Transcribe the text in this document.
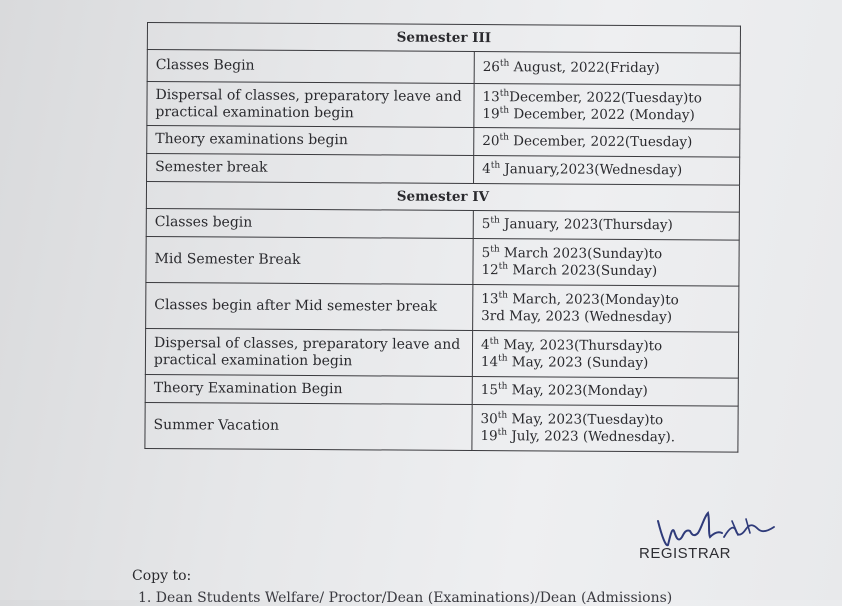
Semester III	
Classes Begin	26th August, 2022(Friday)
Dispersal of classes, preparatory leave and practical examination begin	13thDecember, 2022(Tuesday)to
19th December, 2022 (Monday)
Theory examinations begin	20th December, 2022(Tuesday)
Semester break	4th January,2023(Wednesday)
Semester IV	
Classes begin	5th January, 2023(Thursday)
Mid Semester Break	5th March 2023(Sunday)to
12th March 2023(Sunday)
Classes begin after Mid semester break	13th March, 2023(Monday)to
3rd May, 2023 (Wednesday)
Dispersal of classes, preparatory leave and practical examination begin	4th May, 2023(Thursday)to
14th May, 2023 (Sunday)
Theory Examination Begin	15th May, 2023(Monday)
Summer Vacation	30th May, 2023(Tuesday)to
19th July, 2023 (Wednesday).
REGISTRAR
Copy to:
1. Dean Students Welfare/ Proctor/Dean (Examinations)/Dean (Admissions)
